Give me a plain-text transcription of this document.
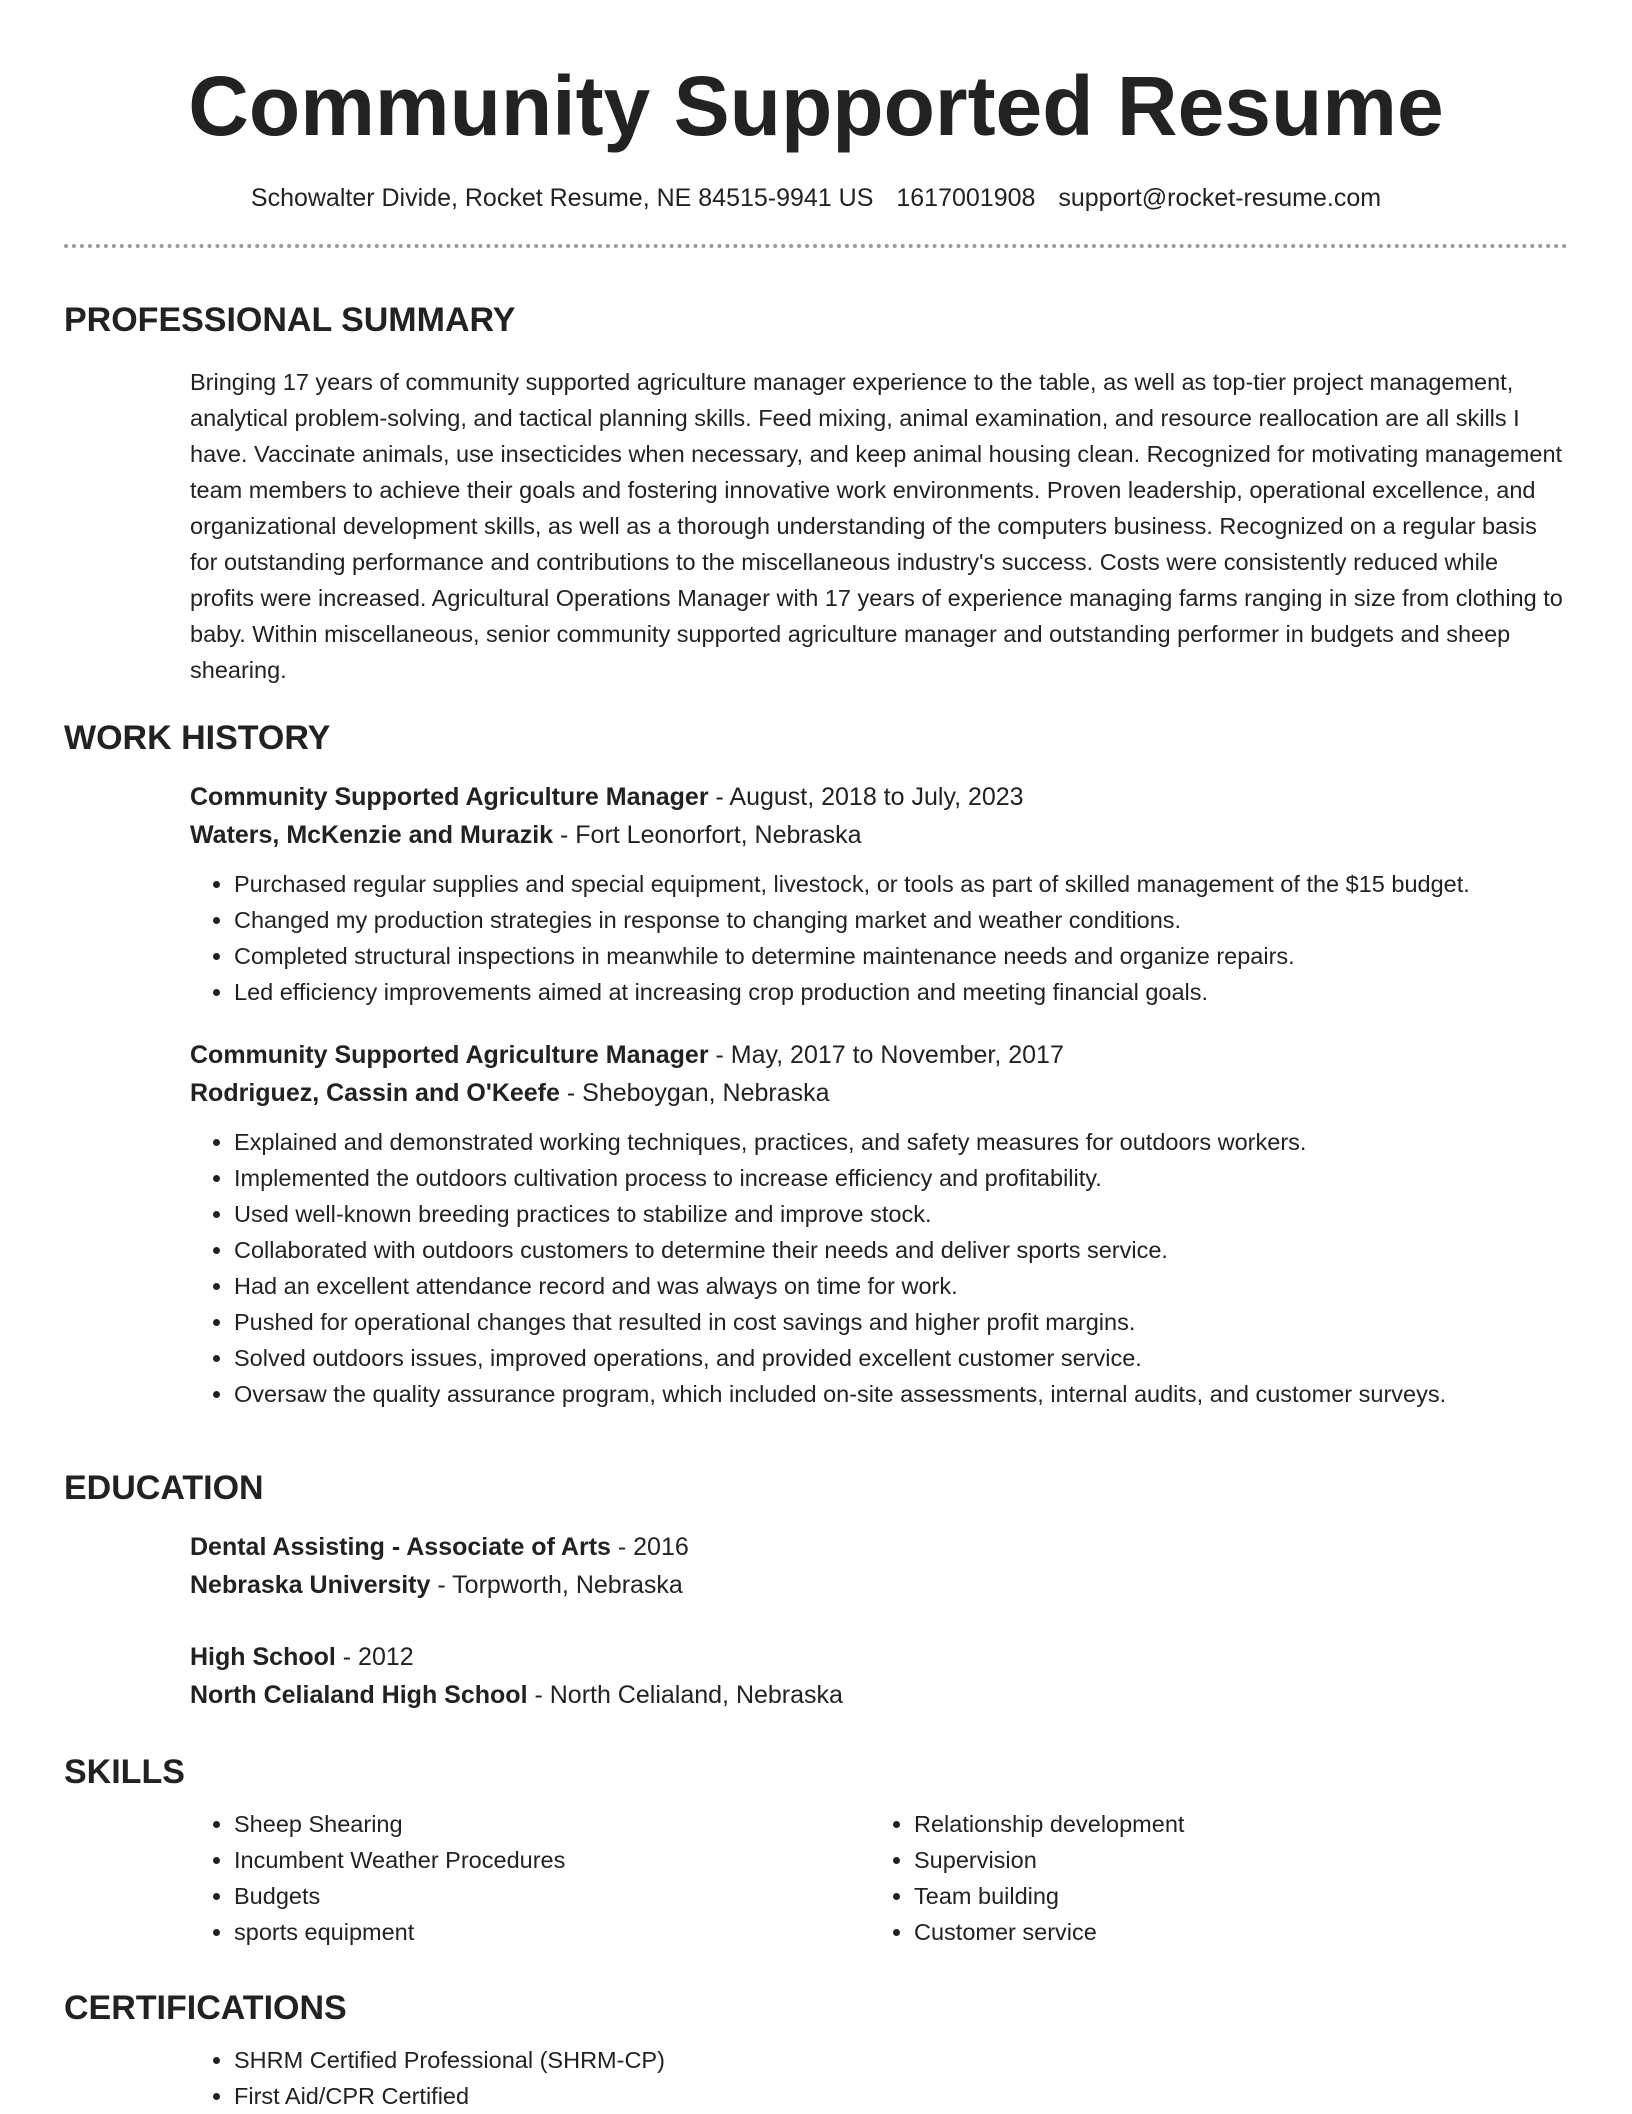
Community Supported Resume
Schowalter Divide, Rocket Resume, NE 84515-9941 US 1617001908 support@rocket-resume.com
PROFESSIONAL SUMMARY
Bringing 17 years of community supported agriculture manager experience to the table, as well as top-tier project management, analytical problem-solving, and tactical planning skills. Feed mixing, animal examination, and resource reallocation are all skills I have. Vaccinate animals, use insecticides when necessary, and keep animal housing clean. Recognized for motivating management team members to achieve their goals and fostering innovative work environments. Proven leadership, operational excellence, and organizational development skills, as well as a thorough understanding of the computers business. Recognized on a regular basis for outstanding performance and contributions to the miscellaneous industry's success. Costs were consistently reduced while profits were increased. Agricultural Operations Manager with 17 years of experience managing farms ranging in size from clothing to baby. Within miscellaneous, senior community supported agriculture manager and outstanding performer in budgets and sheep shearing.
WORK HISTORY
Community Supported Agriculture Manager - August, 2018 to July, 2023
Waters, McKenzie and Murazik - Fort Leonorfort, Nebraska
• Purchased regular supplies and special equipment, livestock, or tools as part of skilled management of the $15 budget.
• Changed my production strategies in response to changing market and weather conditions.
• Completed structural inspections in meanwhile to determine maintenance needs and organize repairs.
• Led efficiency improvements aimed at increasing crop production and meeting financial goals.
Community Supported Agriculture Manager - May, 2017 to November, 2017
Rodriguez, Cassin and O'Keefe - Sheboygan, Nebraska
• Explained and demonstrated working techniques, practices, and safety measures for outdoors workers.
• Implemented the outdoors cultivation process to increase efficiency and profitability.
• Used well-known breeding practices to stabilize and improve stock.
• Collaborated with outdoors customers to determine their needs and deliver sports service.
• Had an excellent attendance record and was always on time for work.
• Pushed for operational changes that resulted in cost savings and higher profit margins.
• Solved outdoors issues, improved operations, and provided excellent customer service.
• Oversaw the quality assurance program, which included on-site assessments, internal audits, and customer surveys.
EDUCATION
Dental Assisting - Associate of Arts - 2016
Nebraska University - Torpworth, Nebraska
High School - 2012
North Celialand High School - North Celialand, Nebraska
SKILLS
• Sheep Shearing
• Incumbent Weather Procedures
• Budgets
• sports equipment
• Relationship development
• Supervision
• Team building
• Customer service
CERTIFICATIONS
• SHRM Certified Professional (SHRM-CP)
• First Aid/CPR Certified
